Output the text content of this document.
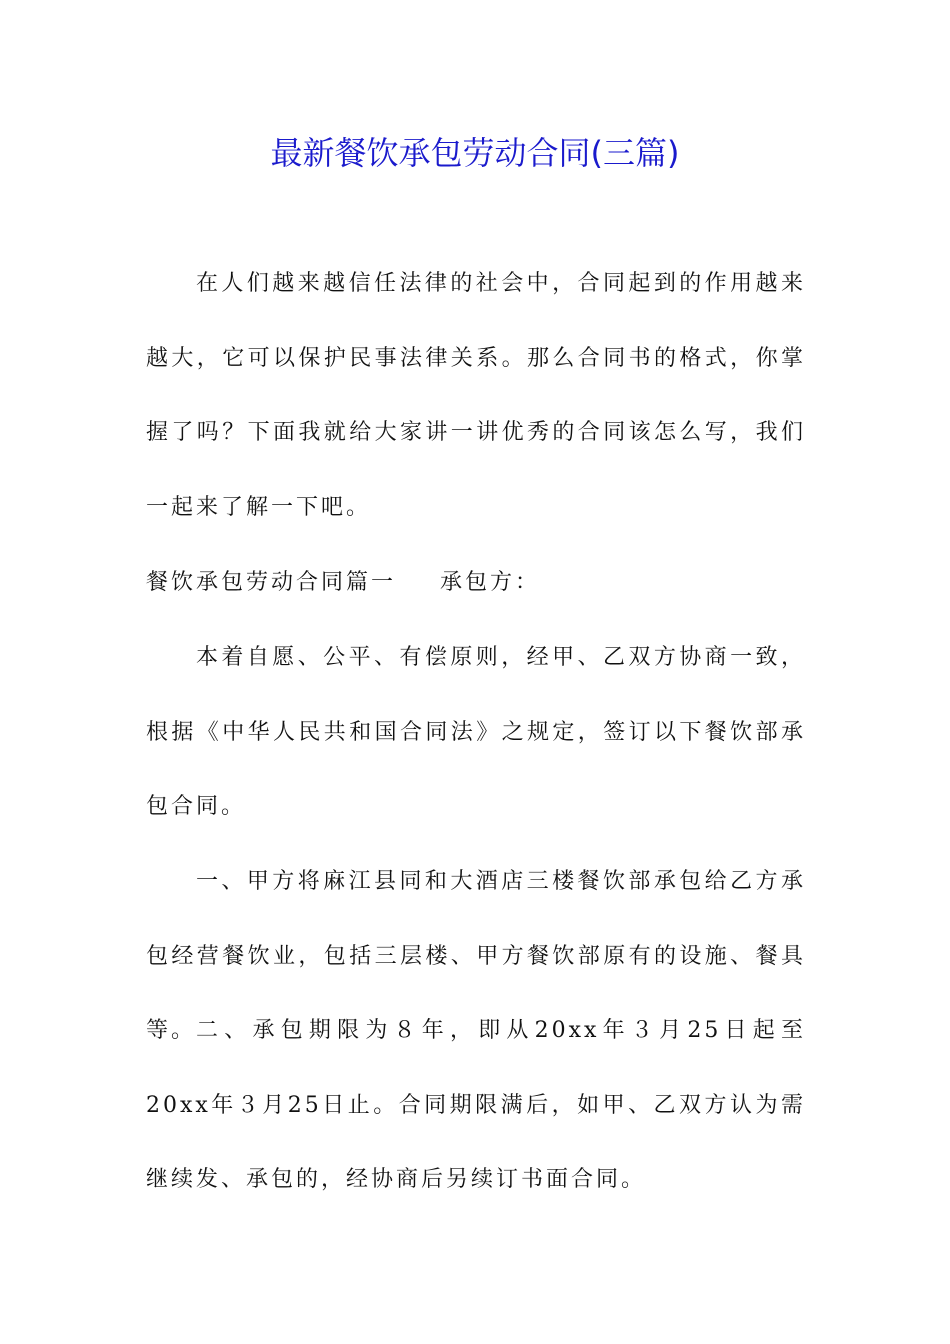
最新餐饮承包劳动合同(三篇)

在人们越来越信任法律的社会中，合同起到的作用越来越大，它可以保护民事法律关系。那么合同书的格式，你掌握了吗？下面我就给大家讲一讲优秀的合同该怎么写，我们一起来了解一下吧。

餐饮承包劳动合同篇一 承包方：

本着自愿、公平、有偿原则，经甲、乙双方协商一致，根据《中华人民共和国合同法》之规定，签订以下餐饮部承包合同。

一、甲方将麻江县同和大酒店三楼餐饮部承包给乙方承包经营餐饮业，包括三层楼、甲方餐饮部原有的设施、餐具等。 二、承包期限为８年，即从20xx年３月25日起至20xx年３月25日止。合同期限满后，如甲、乙双方认为需继续发、承包的，经协商后另续订书面合同。
